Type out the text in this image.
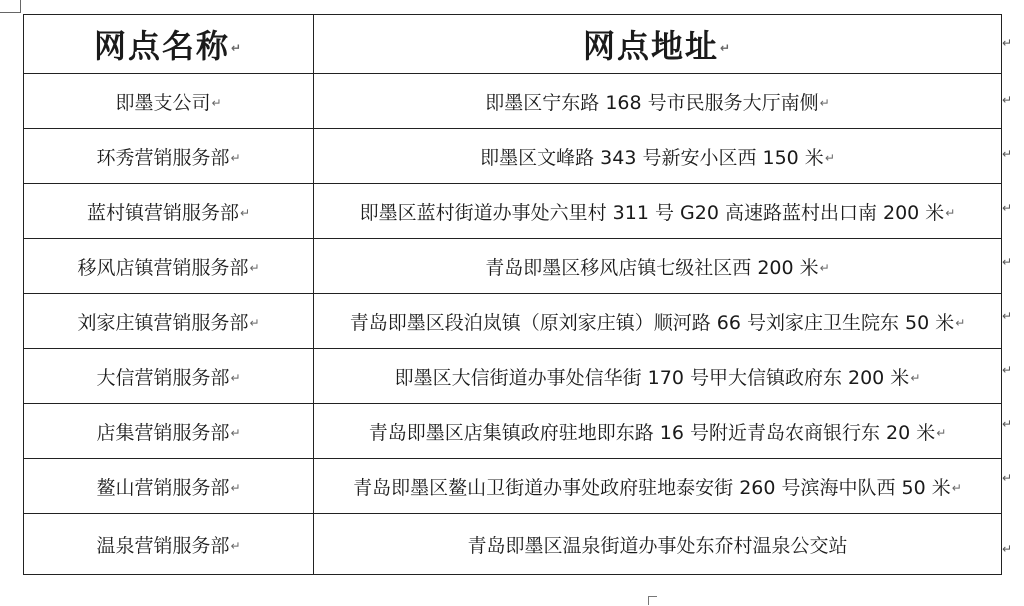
网点名称↵	网点地址↵
即墨支公司↵	即墨区宁东路 168 号市民服务大厅南侧↵
环秀营销服务部↵	即墨区文峰路 343 号新安小区西 150 米↵
蓝村镇营销服务部↵	即墨区蓝村街道办事处六里村 311 号 G20 高速路蓝村出口南 200 米↵
移风店镇营销服务部↵	青岛即墨区移风店镇七级社区西 200 米↵
刘家庄镇营销服务部↵	青岛即墨区段泊岚镇（原刘家庄镇）顺河路 66 号刘家庄卫生院东 50 米↵
大信营销服务部↵	即墨区大信街道办事处信华街 170 号甲大信镇政府东 200 米↵
店集营销服务部↵	青岛即墨区店集镇政府驻地即东路 16 号附近青岛农商银行东 20 米↵
鳌山营销服务部↵	青岛即墨区鳌山卫街道办事处政府驻地泰安街 260 号滨海中队西 50 米↵
温泉营销服务部↵	青岛即墨区温泉街道办事处东夼村温泉公交站
↵
↵
↵
↵
↵
↵
↵
↵
↵
↵
